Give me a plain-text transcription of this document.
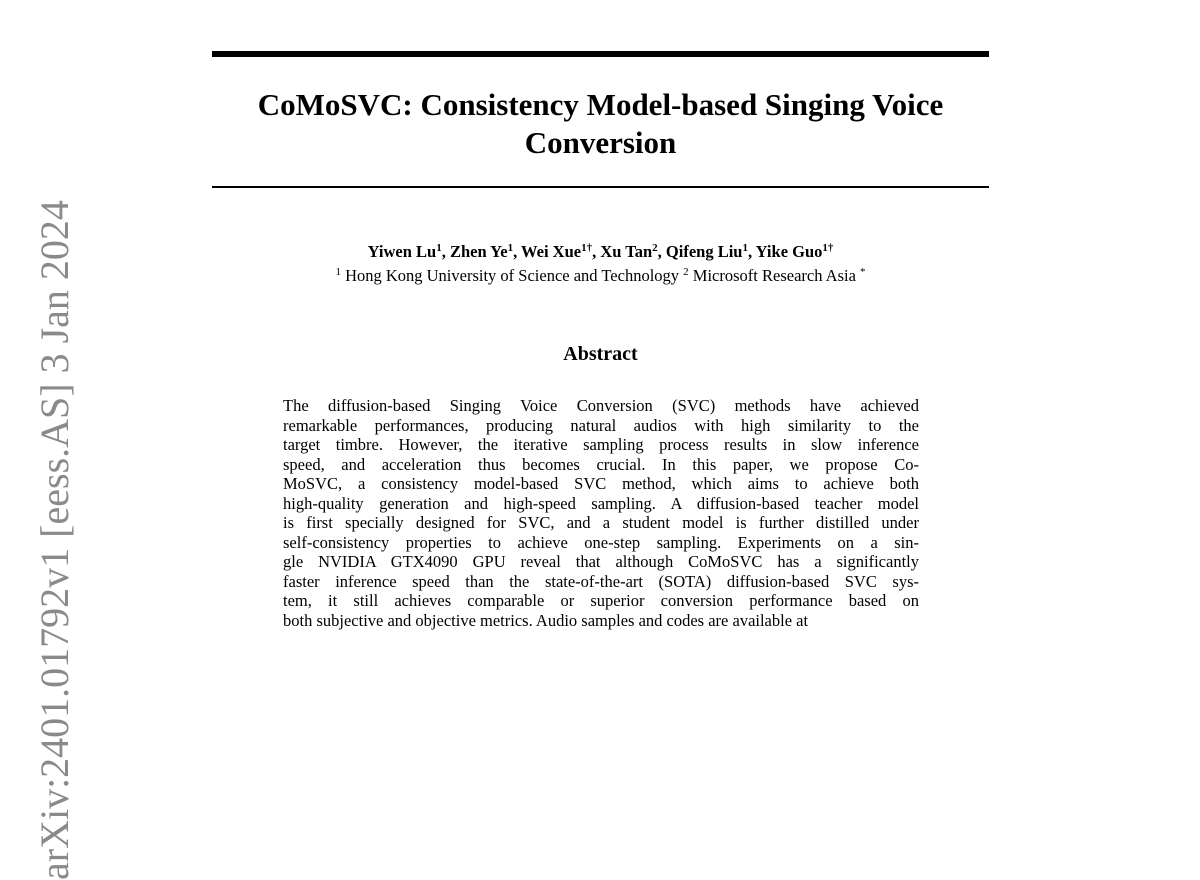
CoMoSVC: Consistency Model-based Singing Voice
Conversion

Yiwen Lu$^1$, Zhen Ye$^1$, Wei Xue$^{1\dagger}$, Xu Tan$^2$, Qifeng Liu$^1$, Yike Guo$^{1\dagger}$

$^1$ Hong Kong University of Science and Technology $^2$ Microsoft Research Asia *

Abstract
The diffusion-based Singing Voice Conversion (SVC) methods have achieved
remarkable performances, producing natural audios with high similarity to the
target timbre. However, the iterative sampling process results in slow inference
speed, and acceleration thus becomes crucial. In this paper, we propose Co-
MoSVC, a consistency model-based SVC method, which aims to achieve both
high-quality generation and high-speed sampling. A diffusion-based teacher model
is first specially designed for SVC, and a student model is further distilled under
self-consistency properties to achieve one-step sampling. Experiments on a sin-
gle NVIDIA GTX4090 GPU reveal that although CoMoSVC has a significantly
faster inference speed than the state-of-the-art (SOTA) diffusion-based SVC sys-
tem, it still achieves comparable or superior conversion performance based on
both subjective and objective metrics. Audio samples and codes are available at
arXiv:2401.01792v1 [eess.AS] 3 Jan 2024
